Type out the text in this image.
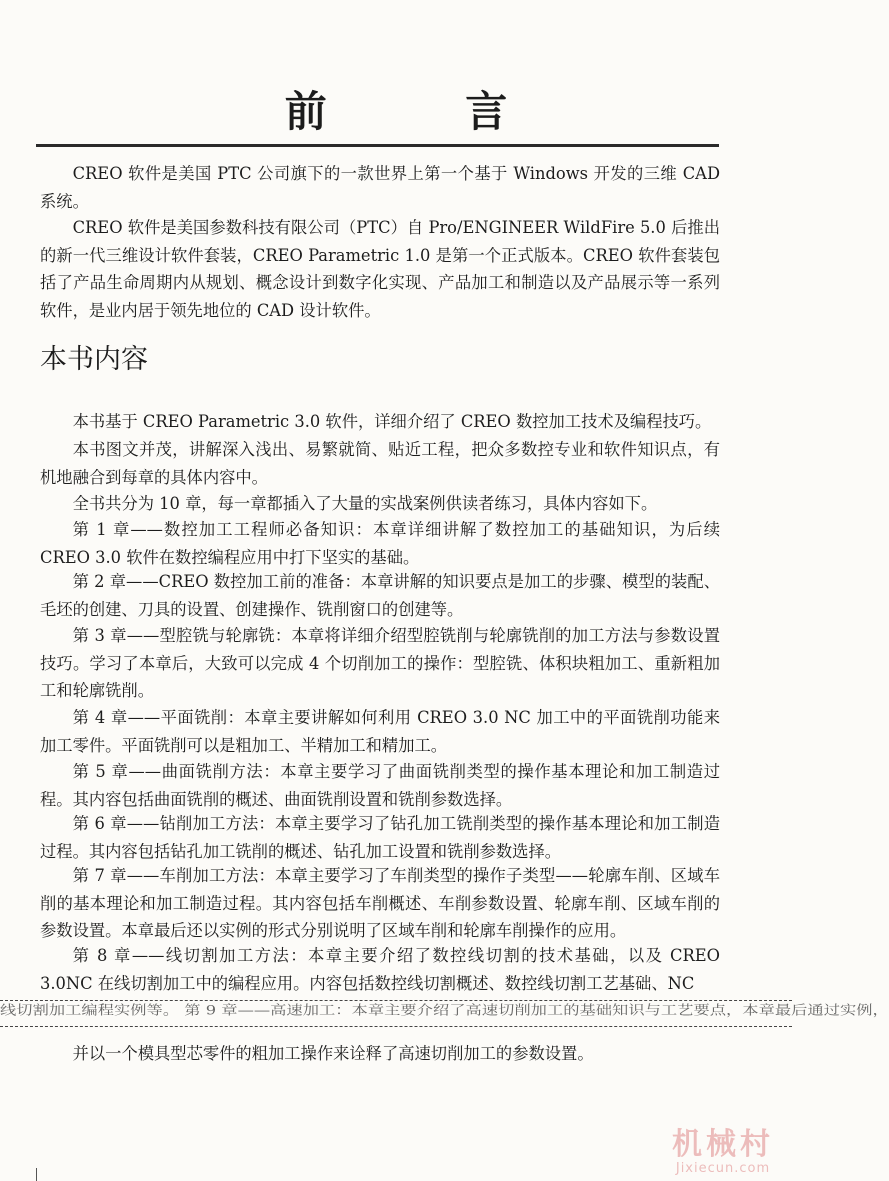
前 言

CREO 软件是美国 PTC 公司旗下的一款世界上第一个基于 Windows 开发的三维 CAD 系统。

CREO 软件是美国参数科技有限公司（PTC）自 Pro/ENGINEER WildFire 5.0 后推出的新一代三维设计软件套装，CREO Parametric 1.0 是第一个正式版本。CREO 软件套装包括了产品生命周期内从规划、概念设计到数字化实现、产品加工和制造以及产品展示等一系列软件，是业内居于领先地位的 CAD 设计软件。

本书内容

本书基于 CREO Parametric 3.0 软件，详细介绍了 CREO 数控加工技术及编程技巧。

本书图文并茂，讲解深入浅出、易繁就简、贴近工程，把众多数控专业和软件知识点，有机地融合到每章的具体内容中。

全书共分为 10 章，每一章都插入了大量的实战案例供读者练习，具体内容如下。

第 1 章——数控加工工程师必备知识：本章详细讲解了数控加工的基础知识，为后续 CREO 3.0 软件在数控编程应用中打下坚实的基础。

第 2 章——CREO 数控加工前的准备：本章讲解的知识要点是加工的步骤、模型的装配、毛坯的创建、刀具的设置、创建操作、铣削窗口的创建等。

第 3 章——型腔铣与轮廓铣：本章将详细介绍型腔铣削与轮廓铣削的加工方法与参数设置技巧。学习了本章后，大致可以完成 4 个切削加工的操作：型腔铣、体积块粗加工、重新粗加工和轮廓铣削。

第 4 章——平面铣削：本章主要讲解如何利用 CREO 3.0 NC 加工中的平面铣削功能来加工零件。平面铣削可以是粗加工、半精加工和精加工。

第 5 章——曲面铣削方法：本章主要学习了曲面铣削类型的操作基本理论和加工制造过程。其内容包括曲面铣削的概述、曲面铣削设置和铣削参数选择。

第 6 章——钻削加工方法：本章主要学习了钻孔加工铣削类型的操作基本理论和加工制造过程。其内容包括钻孔加工铣削的概述、钻孔加工设置和铣削参数选择。

第 7 章——车削加工方法：本章主要学习了车削类型的操作子类型——轮廓车削、区域车削的基本理论和加工制造过程。其内容包括车削概述、车削参数设置、轮廓车削、区域车削的参数设置。本章最后还以实例的形式分别说明了区域车削和轮廓车削操作的应用。

第 8 章——线切割加工方法：本章主要介绍了数控线切割的技术基础，以及 CREO 3.0NC 在线切割加工中的编程应用。内容包括数控线切割概述、数控线切割工艺基础、NC

线切割加工编程实例等。 第 9 章——高速加工：本章主要介绍了高速切削加工的基础知识与工艺要点，本章最后通过实例，

并以一个模具型芯零件的粗加工操作来诠释了高速切削加工的参数设置。

机械村
Jixiecun.com
